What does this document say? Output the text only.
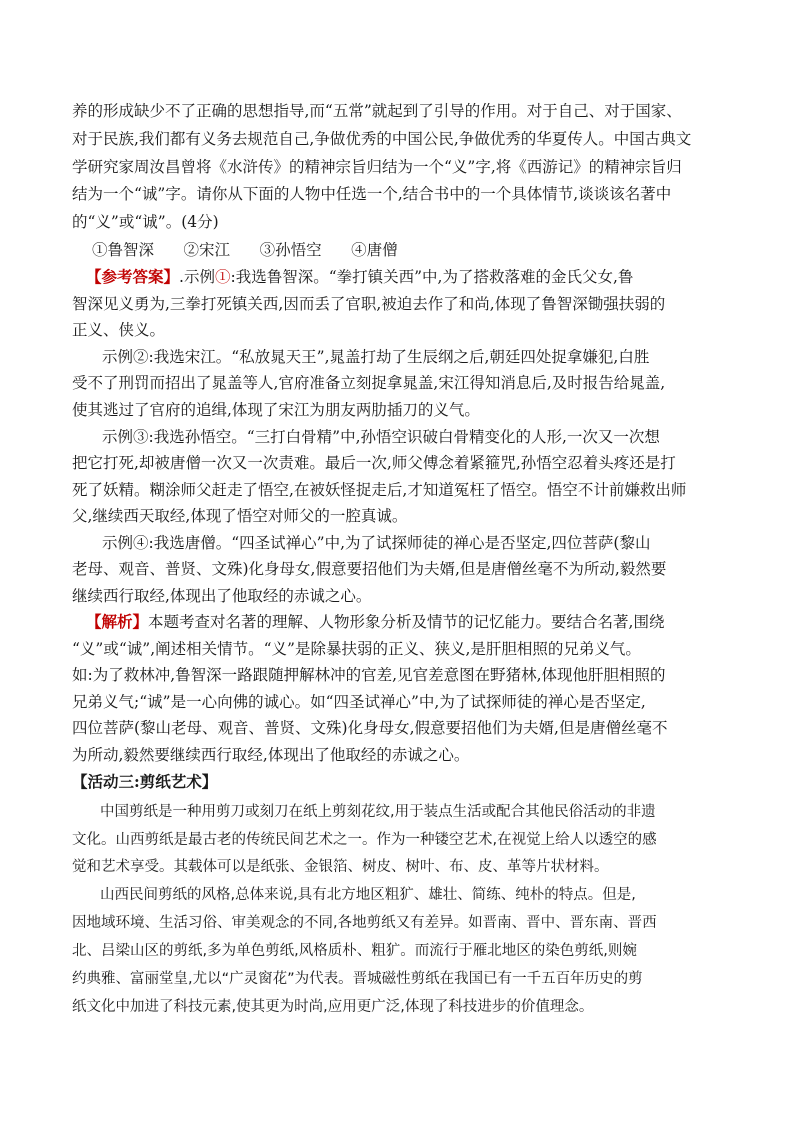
养的形成缺少不了正确的思想指导,而“五常”就起到了引导的作用。对于自己、对于国家、
对于民族,我们都有义务去规范自己,争做优秀的中国公民,争做优秀的华夏传人。中国古典文
学研究家周汝昌曾将《水浒传》的精神宗旨归结为一个“义”字,将《西游记》的精神宗旨归
结为一个“诚”字。请你从下面的人物中任选一个,结合书中的一个具体情节,谈谈该名著中
的“义”或“诚”。(4分)
①鲁智深      ②宋江      ③孙悟空      ④唐僧
【参考答案】.示例①:我选鲁智深。“拳打镇关西”中,为了搭救落难的金氏父女,鲁
智深见义勇为,三拳打死镇关西,因而丢了官职,被迫去作了和尚,体现了鲁智深锄强扶弱的
正义、侠义。
示例②:我选宋江。“私放晁天王”,晁盖打劫了生辰纲之后,朝廷四处捉拿嫌犯,白胜
受不了刑罚而招出了晁盖等人,官府准备立刻捉拿晁盖,宋江得知消息后,及时报告给晁盖,
使其逃过了官府的追缉,体现了宋江为朋友两肋插刀的义气。
示例③:我选孙悟空。“三打白骨精”中,孙悟空识破白骨精变化的人形,一次又一次想
把它打死,却被唐僧一次又一次责难。最后一次,师父傅念着紧箍咒,孙悟空忍着头疼还是打
死了妖精。糊涂师父赶走了悟空,在被妖怪捉走后,才知道冤枉了悟空。悟空不计前嫌救出师
父,继续西天取经,体现了悟空对师父的一腔真诚。
示例④:我选唐僧。“四圣试禅心”中,为了试探师徒的禅心是否坚定,四位菩萨(黎山
老母、观音、普贤、文殊)化身母女,假意要招他们为夫婿,但是唐僧丝毫不为所动,毅然要
继续西行取经,体现出了他取经的赤诚之心。
【解析】本题考查对名著的理解、人物形象分析及情节的记忆能力。要结合名著,围绕
“义”或“诚”,阐述相关情节。“义”是除暴扶弱的正义、狭义,是肝胆相照的兄弟义气。
如:为了救林冲,鲁智深一路跟随押解林冲的官差,见官差意图在野猪林,体现他肝胆相照的
兄弟义气;“诚”是一心向佛的诚心。如“四圣试禅心”中,为了试探师徒的禅心是否坚定,
四位菩萨(黎山老母、观音、普贤、文殊)化身母女,假意要招他们为夫婿,但是唐僧丝毫不
为所动,毅然要继续西行取经,体现出了他取经的赤诚之心。
【活动三:剪纸艺术】
中国剪纸是一种用剪刀或刻刀在纸上剪刻花纹,用于装点生活或配合其他民俗活动的非遗
文化。山西剪纸是最古老的传统民间艺术之一。作为一种镂空艺术,在视觉上给人以透空的感
觉和艺术享受。其载体可以是纸张、金银箔、树皮、树叶、布、皮、革等片状材料。
山西民间剪纸的风格,总体来说,具有北方地区粗犷、雄壮、简练、纯朴的特点。但是,
因地域环境、生活习俗、审美观念的不同,各地剪纸又有差异。如晋南、晋中、晋东南、晋西
北、吕梁山区的剪纸,多为单色剪纸,风格质朴、粗犷。而流行于雁北地区的染色剪纸,则婉
约典雅、富丽堂皇,尤以“广灵窗花”为代表。晋城磁性剪纸在我国已有一千五百年历史的剪
纸文化中加进了科技元素,使其更为时尚,应用更广泛,体现了科技进步的价值理念。
